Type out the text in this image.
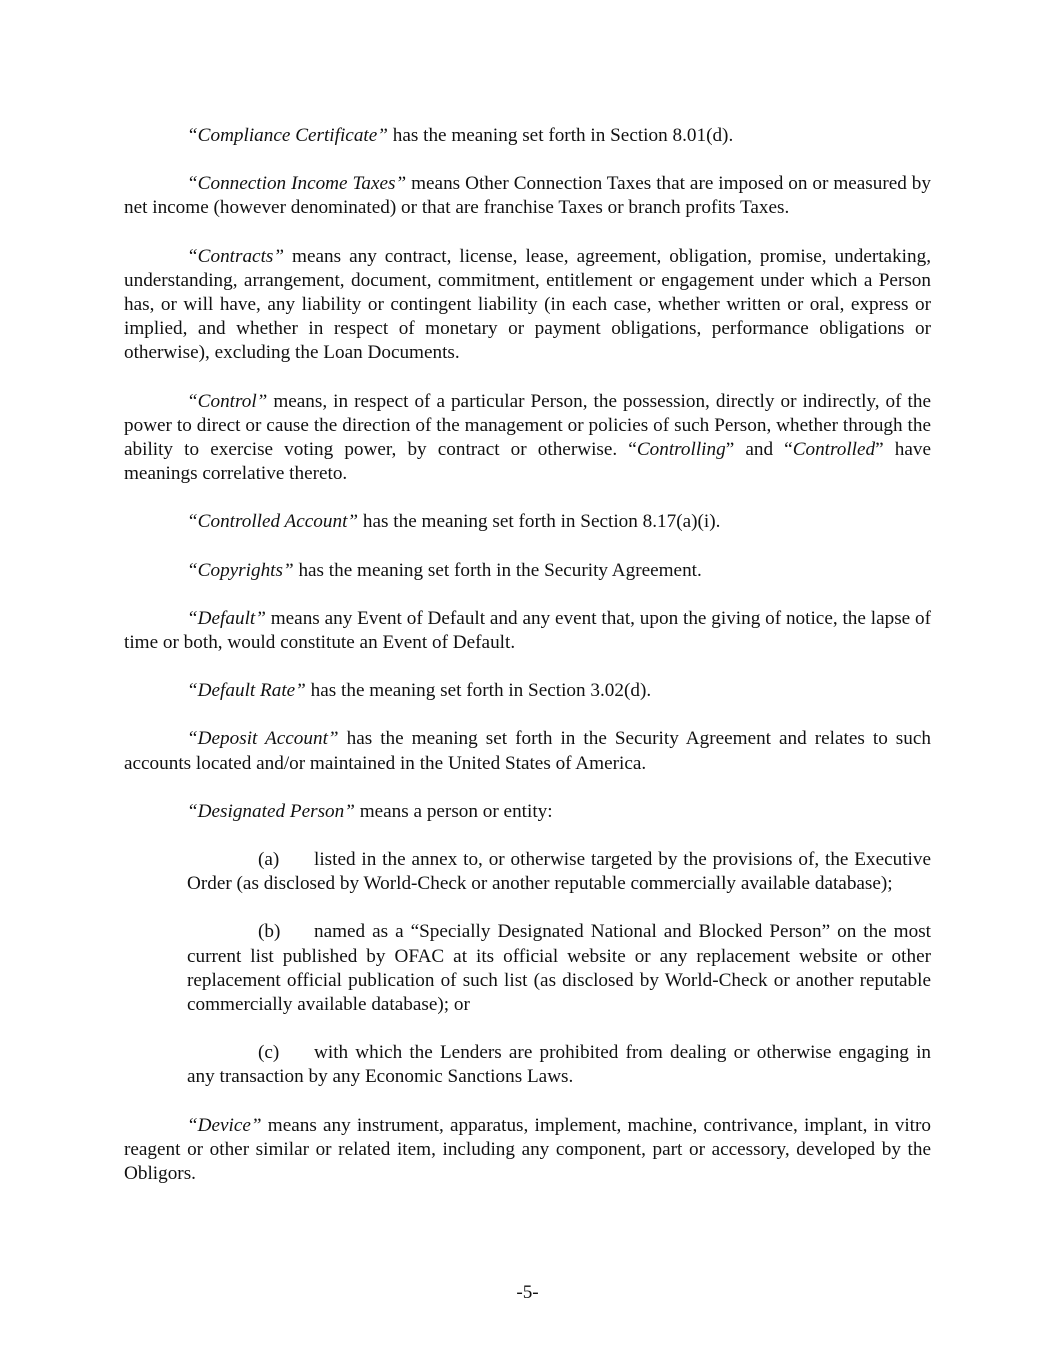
“Compliance Certificate” has the meaning set forth in Section 8.01(d).

“Connection Income Taxes” means Other Connection Taxes that are imposed on or measured by net income (however denominated) or that are franchise Taxes or branch profits Taxes.

“Contracts” means any contract, license, lease, agreement, obligation, promise, undertaking, understanding, arrangement, document, commitment, entitlement or engagement under which a Person has, or will have, any liability or contingent liability (in each case, whether written or oral, express or implied, and whether in respect of monetary or payment obligations, performance obligations or otherwise), excluding the Loan Documents.

“Control” means, in respect of a particular Person, the possession, directly or indirectly, of the power to direct or cause the direction of the management or policies of such Person, whether through the ability to exercise voting power, by contract or otherwise. “Controlling” and “Controlled” have meanings correlative thereto.

“Controlled Account” has the meaning set forth in Section 8.17(a)(i).

“Copyrights” has the meaning set forth in the Security Agreement.

“Default” means any Event of Default and any event that, upon the giving of notice, the lapse of time or both, would constitute an Event of Default.

“Default Rate” has the meaning set forth in Section 3.02(d).

“Deposit Account” has the meaning set forth in the Security Agreement and relates to such accounts located and/or maintained in the United States of America.

“Designated Person” means a person or entity:

(a) listed in the annex to, or otherwise targeted by the provisions of, the Executive Order (as disclosed by World-Check or another reputable commercially available database);

(b) named as a “Specially Designated National and Blocked Person” on the most current list published by OFAC at its official website or any replacement website or other replacement official publication of such list (as disclosed by World-Check or another reputable commercially available database); or

(c) with which the Lenders are prohibited from dealing or otherwise engaging in any transaction by any Economic Sanctions Laws.

“Device” means any instrument, apparatus, implement, machine, contrivance, implant, in vitro reagent or other similar or related item, including any component, part or accessory, developed by the Obligors.

-5-
